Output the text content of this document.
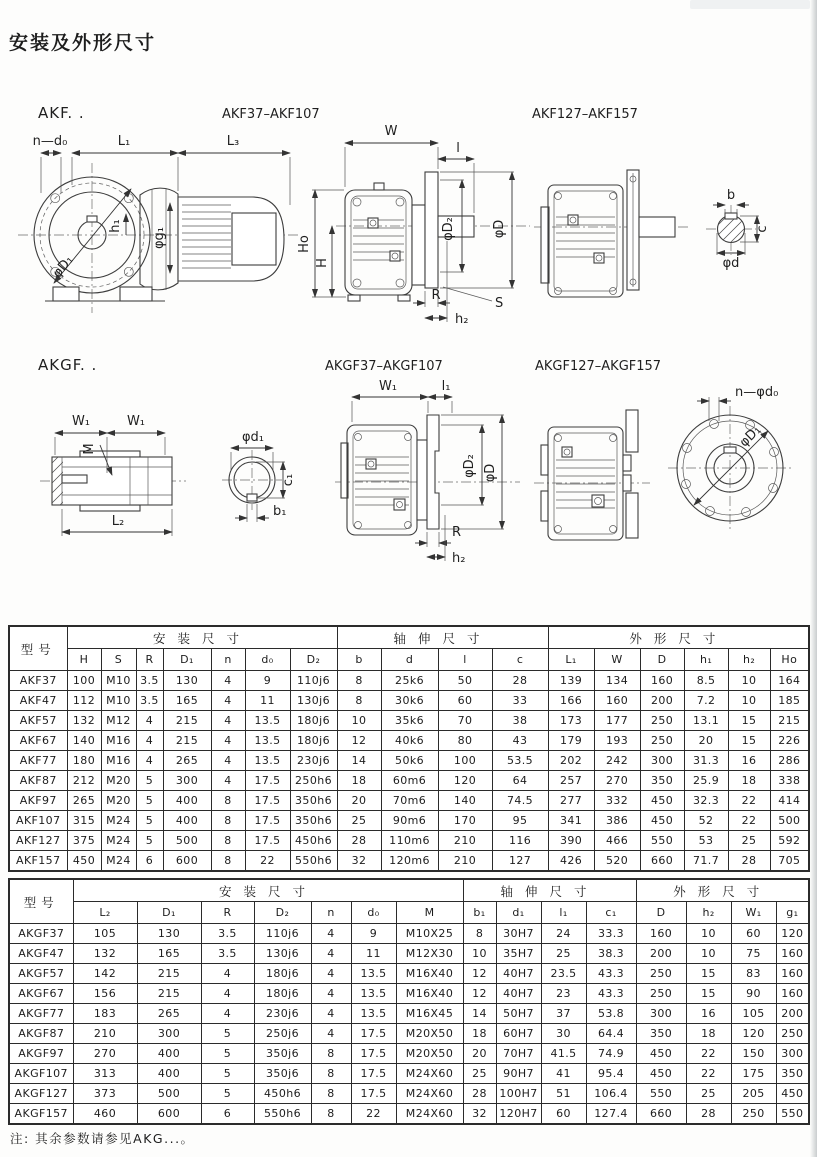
安装及外形尺寸
AKF. .	AKF37–AKF107	AKF127–AKF157
n—d₀	L₁	L₃
φD₁
h₁
φg₁
W
l
Ho
H
φD₂	φD
R
h₂
S
b
c
φd
AKGF. .	AKGF37–AKGF107	AKGF127–AKGF157
W₁	W₁
M
L₂
φd₁
c₁
b₁
W₁	l₁
φD₂ φD
R
h₂
n—φd₀
φD₁
型号	安装尺寸							轴伸尺寸				外形尺寸					
	H	S	R	D₁	n	d₀	D₂	b	d	l	c	L₁	W	D	h₁	h₂	Ho
AKF37	100	M10	3.5	130	4	9	110j6	8	25k6	50	28	139	134	160	8.5	10	164
AKF47	112	M10	3.5	165	4	11	130j6	8	30k6	60	33	166	160	200	7.2	10	185
AKF57	132	M12	4	215	4	13.5	180j6	10	35k6	70	38	173	177	250	13.1	15	215
AKF67	140	M16	4	215	4	13.5	180j6	12	40k6	80	43	179	193	250	20	15	226
AKF77	180	M16	4	265	4	13.5	230j6	14	50k6	100	53.5	202	242	300	31.3	16	286
AKF87	212	M20	5	300	4	17.5	250h6	18	60m6	120	64	257	270	350	25.9	18	338
AKF97	265	M20	5	400	8	17.5	350h6	20	70m6	140	74.5	277	332	450	32.3	22	414
AKF107	315	M24	5	400	8	17.5	350h6	25	90m6	170	95	341	386	450	52	22	500
AKF127	375	M24	5	500	8	17.5	450h6	28	110m6	210	116	390	466	550	53	25	592
AKF157	450	M24	6	600	8	22	550h6	32	120m6	210	127	426	520	660	71.7	28	705
型号	安装尺寸							轴伸尺寸				外形尺寸			
	L₂	D₁	R	D₂	n	d₀	M	b₁	d₁	l₁	c₁	D	h₂	W₁	g₁
AKGF37	105	130	3.5	110j6	4	9	M10X25	8	30H7	24	33.3	160	10	60	120
AKGF47	132	165	3.5	130j6	4	11	M12X30	10	35H7	25	38.3	200	10	75	160
AKGF57	142	215	4	180j6	4	13.5	M16X40	12	40H7	23.5	43.3	250	15	83	160
AKGF67	156	215	4	180j6	4	13.5	M16X40	12	40H7	23	43.3	250	15	90	160
AKGF77	183	265	4	230j6	4	13.5	M16X45	14	50H7	37	53.8	300	16	105	200
AKGF87	210	300	5	250j6	4	17.5	M20X50	18	60H7	30	64.4	350	18	120	250
AKGF97	270	400	5	350j6	8	17.5	M20X50	20	70H7	41.5	74.9	450	22	150	300
AKGF107	313	400	5	350j6	8	17.5	M24X60	25	90H7	41	95.4	450	22	175	350
AKGF127	373	500	5	450h6	8	17.5	M24X60	28	100H7	51	106.4	550	25	205	450
AKGF157	460	600	6	550h6	8	22	M24X60	32	120H7	60	127.4	660	28	250	550
注: 其余参数请参见AKG...。
